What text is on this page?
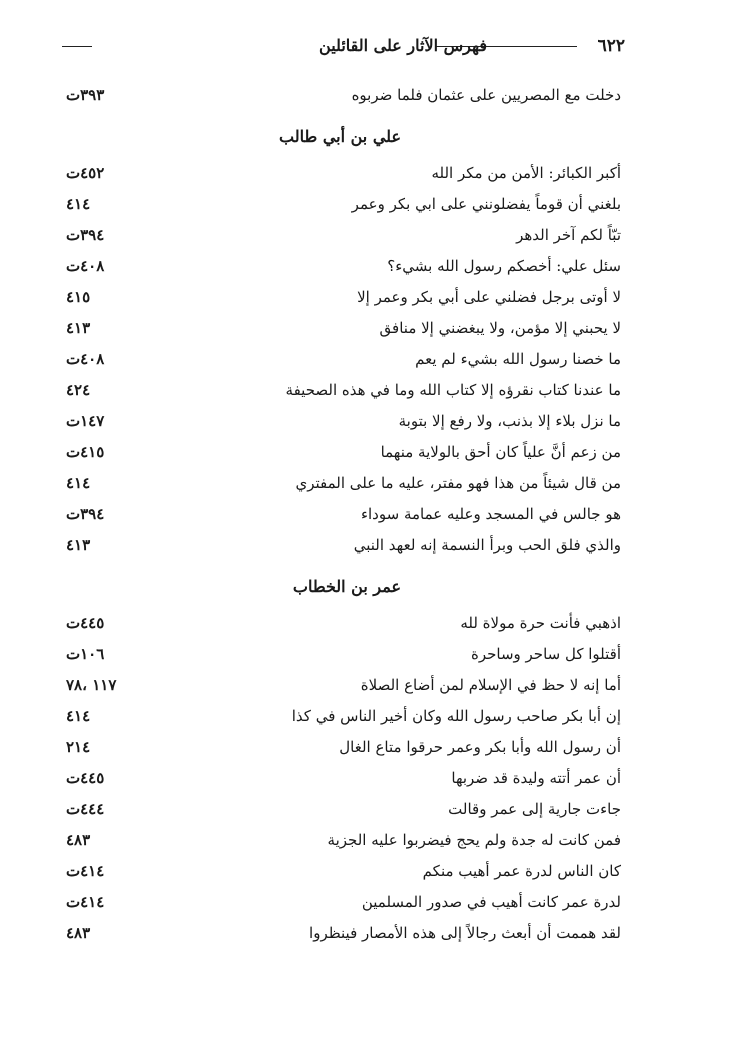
٦٢٢
فهرس الآثار على القائلين
دخلت مع المصريين على عثمان فلما ضربوه
٣٩٣ت
علي بن أبي طالب
أكبر الكبائر: الأمن من مكر الله
٤٥٢ت
بلغني أن قوماً يفضلونني على ابي بكر وعمر
٤١٤
تبّاً لكم آخر الدهر
٣٩٤ت
سئل علي: أخصكم رسول الله بشيء؟
٤٠٨ت
لا أوتى برجل فضلني على أبي بكر وعمر إلا
٤١٥
لا يحبني إلا مؤمن، ولا يبغضني إلا منافق
٤١٣
ما خصنا رسول الله بشيء لم يعم
٤٠٨ت
ما عندنا كتاب نقرؤه إلا كتاب الله وما في هذه الصحيفة
٤٢٤
ما نزل بلاء إلا بذنب، ولا رفع إلا بتوبة
١٤٧ت
من زعم أنَّ علياً كان أحق بالولاية منهما
٤١٥ت
من قال شيئاً من هذا فهو مفتر، عليه ما على المفتري
٤١٤
هو جالس في المسجد وعليه عمامة سوداء
٣٩٤ت
والذي فلق الحب وبرأ النسمة إنه لعهد النبي
٤١٣
عمر بن الخطاب
اذهبي فأنت حرة مولاة لله
٤٤٥ت
أقتلوا كل ساحر وساحرة
١٠٦ت
أما إنه لا حظ في الإسلام لمن أضاع الصلاة
١١٧ ،٧٨
إن أبا بكر صاحب رسول الله وكان أخير الناس في كذا
٤١٤
أن رسول الله وأبا بكر وعمر حرقوا متاع الغال
٢١٤
أن عمر أتته وليدة قد ضربها
٤٤٥ت
جاءت جارية إلى عمر وقالت
٤٤٤ت
فمن كانت له جدة ولم يحج فيضربوا عليه الجزية
٤٨٣
كان الناس لدرة عمر أهيب منكم
٤١٤ت
لدرة عمر كانت أهيب في صدور المسلمين
٤١٤ت
لقد هممت أن أبعث رجالاً إلى هذه الأمصار فينظروا
٤٨٣
